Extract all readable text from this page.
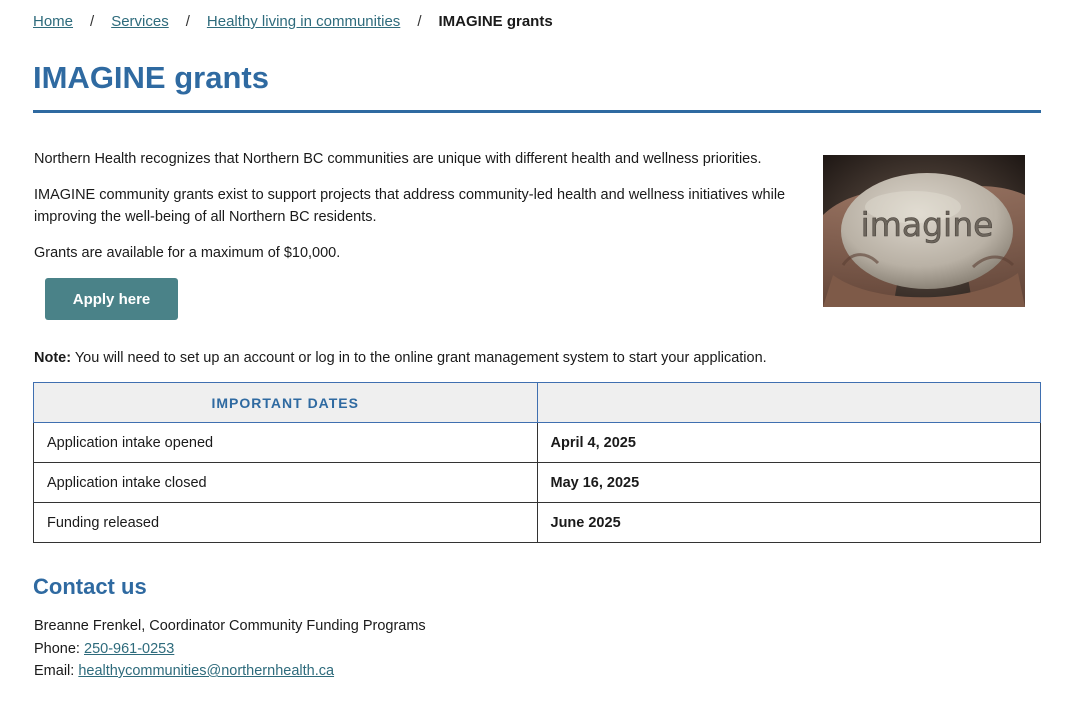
Home / Services / Healthy living in communities / IMAGINE grants
IMAGINE grants

Northern Health recognizes that Northern BC communities are unique with different health and wellness priorities.

IMAGINE community grants exist to support projects that address community-led health and wellness initiatives while improving the well-being of all Northern BC residents.

Grants are available for a maximum of $10,000.

Apply here
imagine
Note: You will need to set up an account or log in to the online grant management system to start your application.
IMPORTANT DATES	
Application intake opened	April 4, 2025
Application intake closed	May 16, 2025
Funding released	June 2025
Contact us
Breanne Frenkel, Coordinator Community Funding Programs
Phone: 250-961-0253
Email: healthycommunities@northernhealth.ca
